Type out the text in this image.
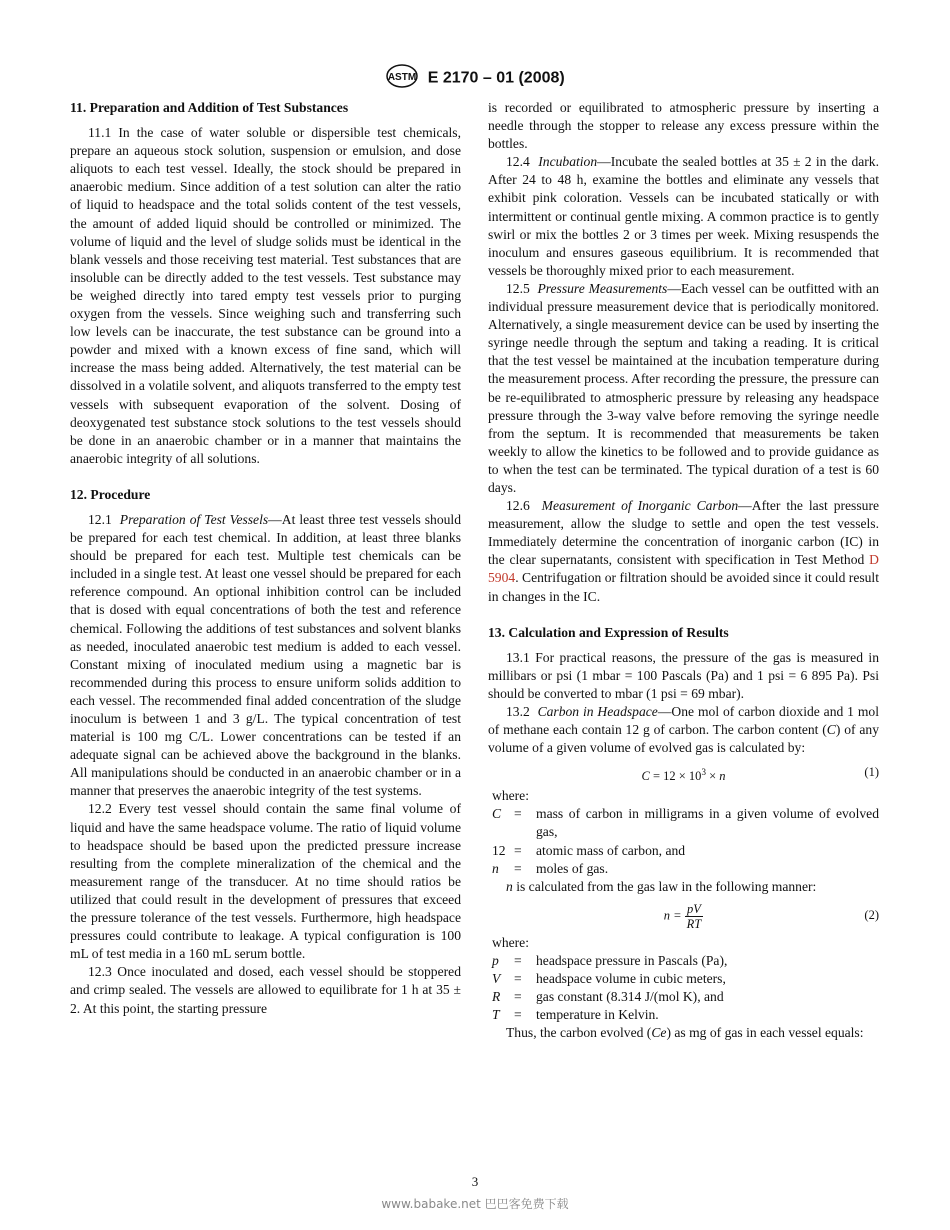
ASTM E 2170 – 01 (2008)
11. Preparation and Addition of Test Substances

11.1 In the case of water soluble or dispersible test chemicals, prepare an aqueous stock solution, suspension or emulsion, and dose aliquots to each test vessel. Ideally, the stock should be prepared in anaerobic medium. Since addition of a test solution can alter the ratio of liquid to headspace and the total solids content of the test vessels, the amount of added liquid should be controlled or minimized. The volume of liquid and the level of sludge solids must be identical in the blank vessels and those receiving test material. Test substances that are insoluble can be directly added to the test vessels. Test substance may be weighed directly into tared empty test vessels prior to purging oxygen from the vessels. Since weighing such and transferring such low levels can be inaccurate, the test substance can be ground into a powder and mixed with a known excess of fine sand, which will increase the mass being added. Alternatively, the test material can be dissolved in a volatile solvent, and aliquots transferred to the empty test vessels with subsequent evaporation of the solvent. Dosing of deoxygenated test substance stock solutions to the test vessels should be done in an anaerobic chamber or in a manner that maintains the anaerobic integrity of all solutions.

12. Procedure

12.1 Preparation of Test Vessels—At least three test vessels should be prepared for each test chemical. In addition, at least three blanks should be prepared for each test. Multiple test chemicals can be included in a single test. At least one vessel should be prepared for each reference compound. An optional inhibition control can be included that is dosed with equal concentrations of both the test and reference chemical. Following the additions of test substances and solvent blanks as needed, inoculated anaerobic test medium is added to each vessel. Constant mixing of inoculated medium using a magnetic bar is recommended during this process to ensure uniform solids addition to each vessel. The recommended final added concentration of the sludge inoculum is between 1 and 3 g/L. The typical concentration of test material is 100 mg C/L. Lower concentrations can be tested if an adequate signal can be achieved above the background in the blanks. All manipulations should be conducted in an anaerobic chamber or in a manner that preserves the anaerobic integrity of the test systems.

12.2 Every test vessel should contain the same final volume of liquid and have the same headspace volume. The ratio of liquid volume to headspace should be based upon the predicted pressure increase resulting from the complete mineralization of the chemical and the measurement range of the transducer. At no time should ratios be utilized that could result in the development of pressures that exceed the pressure tolerance of the test vessels. Furthermore, high headspace pressures could contribute to leakage. A typical configuration is 100 mL of test media in a 160 mL serum bottle.

12.3 Once inoculated and dosed, each vessel should be stoppered and crimp sealed. The vessels are allowed to equilibrate for 1 h at 35 ± 2. At this point, the starting pressure

is recorded or equilibrated to atmospheric pressure by inserting a needle through the stopper to release any excess pressure within the bottles.

12.4 Incubation—Incubate the sealed bottles at 35 ± 2 in the dark. After 24 to 48 h, examine the bottles and eliminate any vessels that exhibit pink coloration. Vessels can be incubated statically or with intermittent or continual gentle mixing. A common practice is to gently swirl or mix the bottles 2 or 3 times per week. Mixing resuspends the inoculum and ensures gaseous equilibrium. It is recommended that vessels be thoroughly mixed prior to each measurement.

12.5 Pressure Measurements—Each vessel can be outfitted with an individual pressure measurement device that is periodically monitored. Alternatively, a single measurement device can be used by inserting the syringe needle through the septum and taking a reading. It is critical that the test vessel be maintained at the incubation temperature during the measurement process. After recording the pressure, the pressure can be re-equilibrated to atmospheric pressure by releasing any headspace pressure through the 3-way valve before removing the syringe needle from the septum. It is recommended that measurements be taken weekly to allow the kinetics to be followed and to provide guidance as to when the test can be terminated. The typical duration of a test is 60 days.

12.6 Measurement of Inorganic Carbon—After the last pressure measurement, allow the sludge to settle and open the test vessels. Immediately determine the concentration of inorganic carbon (IC) in the clear supernatants, consistent with specification in Test Method D 5904. Centrifugation or filtration should be avoided since it could result in changes in the IC.

13. Calculation and Expression of Results

13.1 For practical reasons, the pressure of the gas is measured in millibars or psi (1 mbar = 100 Pascals (Pa) and 1 psi = 6 895 Pa). Psi should be converted to mbar (1 psi = 69 mbar).

13.2 Carbon in Headspace—One mol of carbon dioxide and 1 mol of methane each contain 12 g of carbon. The carbon content (C) of any volume of a given volume of evolved gas is calculated by:

$C = 12 \times 10^3 \times n$	(1)

where:

C =	mass of carbon in milligrams in a given volume of evolved gas,
12 =	atomic mass of carbon, and
n	=	moles of gas.

n is calculated from the gas law in the following manner:

$n = \frac{pV}{RT}$	(2)

where:

p	=	headspace pressure in Pascals (Pa),
V	=	headspace volume in cubic meters,
R	=	gas constant (8.314 J/(mol K), and
T	=	temperature in Kelvin.

Thus, the carbon evolved (Ce) as mg of gas in each vessel equals:

3
www.babake.net 巴巴客免费下载
